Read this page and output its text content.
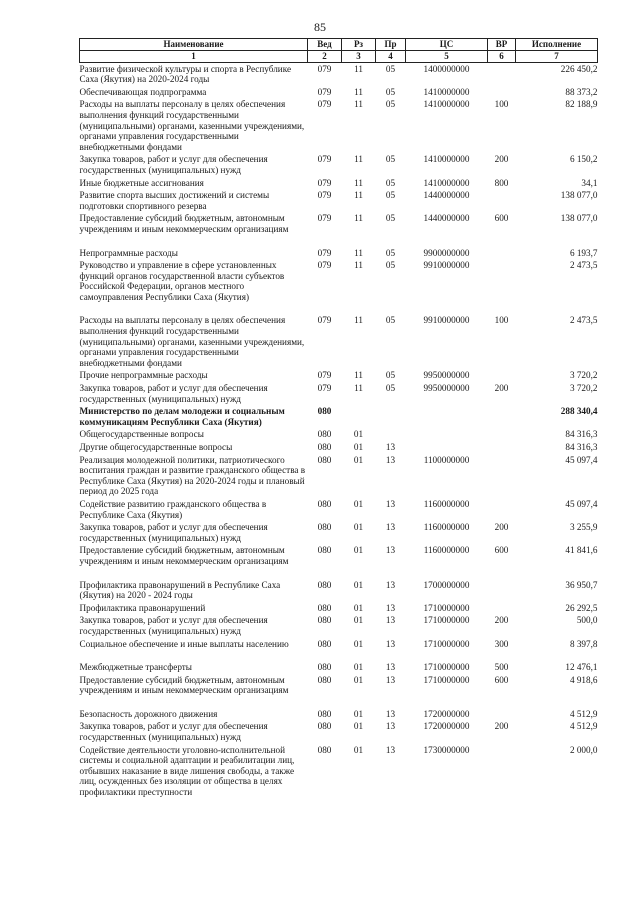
85
Наименование	Вед	Рз	Пр	ЦС	ВР	Исполнение
1	2	3	4	5	6	7
Развитие физической культуры и спорта в Республике Саха (Якутия) на 2020-2024 годы	079	11	05	1400000000		226 450,2
Обеспечивающая подпрограмма	079	11	05	1410000000		88 373,2
Расходы на выплаты персоналу в целях обеспечения выполнения функций государственными (муниципальными) органами, казенными учреждениями, органами управления государственными внебюджетными фондами	079	11	05	1410000000	100	82 188,9
Закупка товаров, работ и услуг для обеспечения государственных (муниципальных) нужд	079	11	05	1410000000	200	6 150,2
Иные бюджетные ассигнования	079	11	05	1410000000	800	34,1
Развитие спорта высших достижений и системы подготовки спортивного резерва	079	11	05	1440000000		138 077,0
Предоставление субсидий бюджетным, автономным учреждениям и иным некоммерческим организациям	079	11	05	1440000000	600	138 077,0

Непрограммные расходы	079	11	05	9900000000		6 193,7
Руководство и управление в сфере установленных функций органов государственной власти субъектов Российской Федерации, органов местного самоуправления Республики Саха (Якутия)	079	11	05	9910000000		2 473,5

Расходы на выплаты персоналу в целях обеспечения выполнения функций государственными (муниципальными) органами, казенными учреждениями, органами управления государственными внебюджетными фондами	079	11	05	9910000000	100	2 473,5
Прочие непрограммные расходы	079	11	05	9950000000		3 720,2
Закупка товаров, работ и услуг для обеспечения государственных (муниципальных) нужд	079	11	05	9950000000	200	3 720,2
Министерство по делам молодежи и социальным коммуникациям Республики Саха (Якутия)	080					288 340,4
Общегосударственные вопросы	080	01				84 316,3
Другие общегосударственные вопросы	080	01	13			84 316,3
Реализация молодежной политики, патриотического воспитания граждан и развитие гражданского общества в Республике Саха (Якутия) на 2020-2024 годы и плановый период до 2025 года	080	01	13	1100000000		45 097,4
Содействие развитию гражданского общества в Республике Саха (Якутия)	080	01	13	1160000000		45 097,4
Закупка товаров, работ и услуг для обеспечения государственных (муниципальных) нужд	080	01	13	1160000000	200	3 255,9
Предоставление субсидий бюджетным, автономным учреждениям и иным некоммерческим организациям	080	01	13	1160000000	600	41 841,6

Профилактика правонарушений в Республике Саха (Якутия) на 2020 - 2024 годы	080	01	13	1700000000		36 950,7
Профилактика правонарушений	080	01	13	1710000000		26 292,5
Закупка товаров, работ и услуг для обеспечения государственных (муниципальных) нужд	080	01	13	1710000000	200	500,0
Социальное обеспечение и иные выплаты населению	080	01	13	1710000000	300	8 397,8

Межбюджетные трансферты	080	01	13	1710000000	500	12 476,1
Предоставление субсидий бюджетным, автономным учреждениям и иным некоммерческим организациям	080	01	13	1710000000	600	4 918,6

Безопасность дорожного движения	080	01	13	1720000000		4 512,9
Закупка товаров, работ и услуг для обеспечения государственных (муниципальных) нужд	080	01	13	1720000000	200	4 512,9
Содействие деятельности уголовно-исполнительной системы и социальной адаптации и реабилитации лиц, отбывших наказание в виде лишения свободы, а также лиц, осужденных без изоляции от общества в целях профилактики преступности	080	01	13	1730000000		2 000,0
